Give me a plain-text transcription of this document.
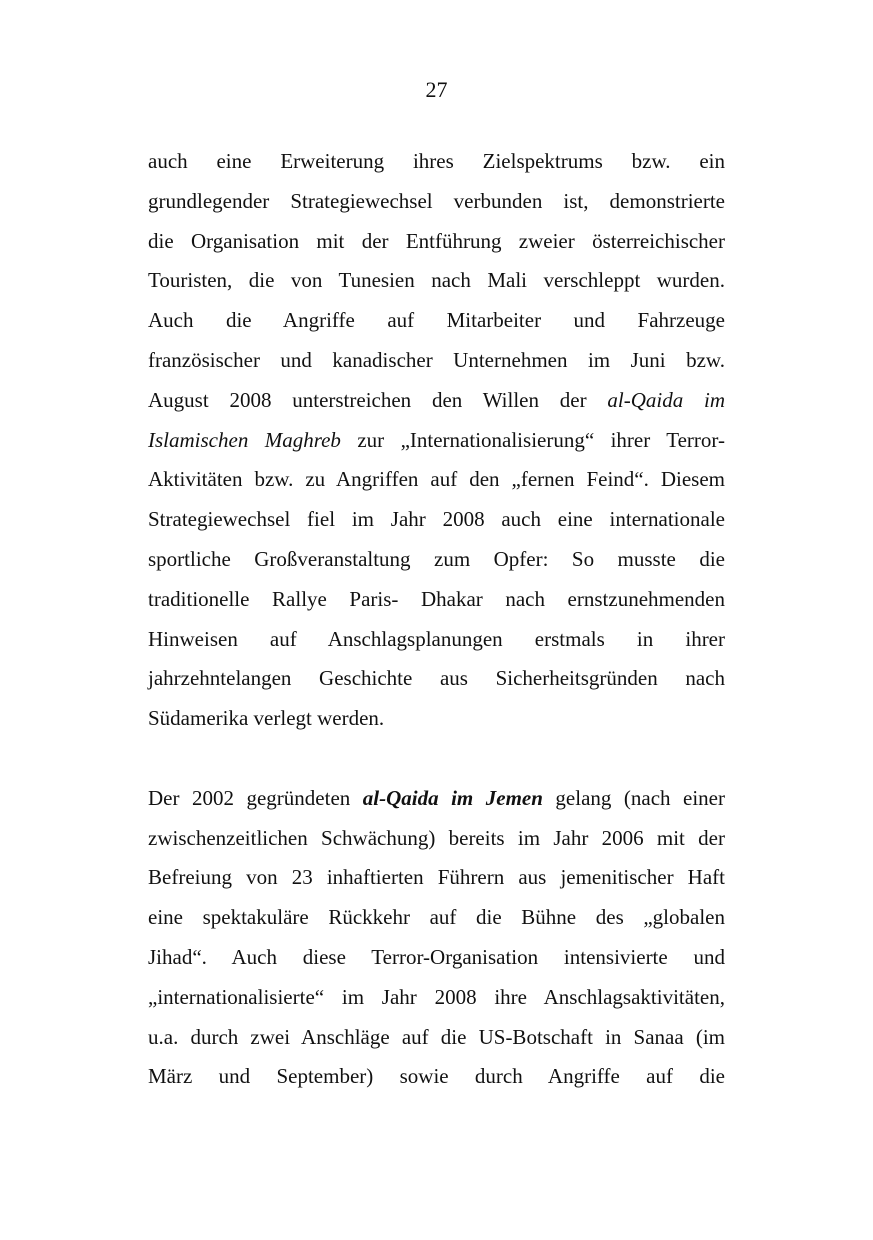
27
auch eine Erweiterung ihres Zielspektrums bzw. ein
grundlegender Strategiewechsel verbunden ist, demonstrierte
die Organisation mit der Entführung zweier österreichischer
Touristen, die von Tunesien nach Mali verschleppt wurden.
Auch die Angriffe auf Mitarbeiter und Fahrzeuge
französischer und kanadischer Unternehmen im Juni bzw.
August 2008 unterstreichen den Willen der al-Qaida im
Islamischen Maghreb zur „Internationalisierung“ ihrer Terror-
Aktivitäten bzw. zu Angriffen auf den „fernen Feind“. Diesem
Strategiewechsel fiel im Jahr 2008 auch eine internationale
sportliche Großveranstaltung zum Opfer: So musste die
traditionelle Rallye Paris- Dhakar nach ernstzunehmenden
Hinweisen auf Anschlagsplanungen erstmals in ihrer
jahrzehntelangen Geschichte aus Sicherheitsgründen nach
Südamerika verlegt werden.
Der 2002 gegründeten al-Qaida im Jemen gelang (nach einer
zwischenzeitlichen Schwächung) bereits im Jahr 2006 mit der
Befreiung von 23 inhaftierten Führern aus jemenitischer Haft
eine spektakuläre Rückkehr auf die Bühne des „globalen
Jihad“. Auch diese Terror-Organisation intensivierte und
„internationalisierte“ im Jahr 2008 ihre Anschlagsaktivitäten,
u.a. durch zwei Anschläge auf die US-Botschaft in Sanaa (im
März und September) sowie durch Angriffe auf die
